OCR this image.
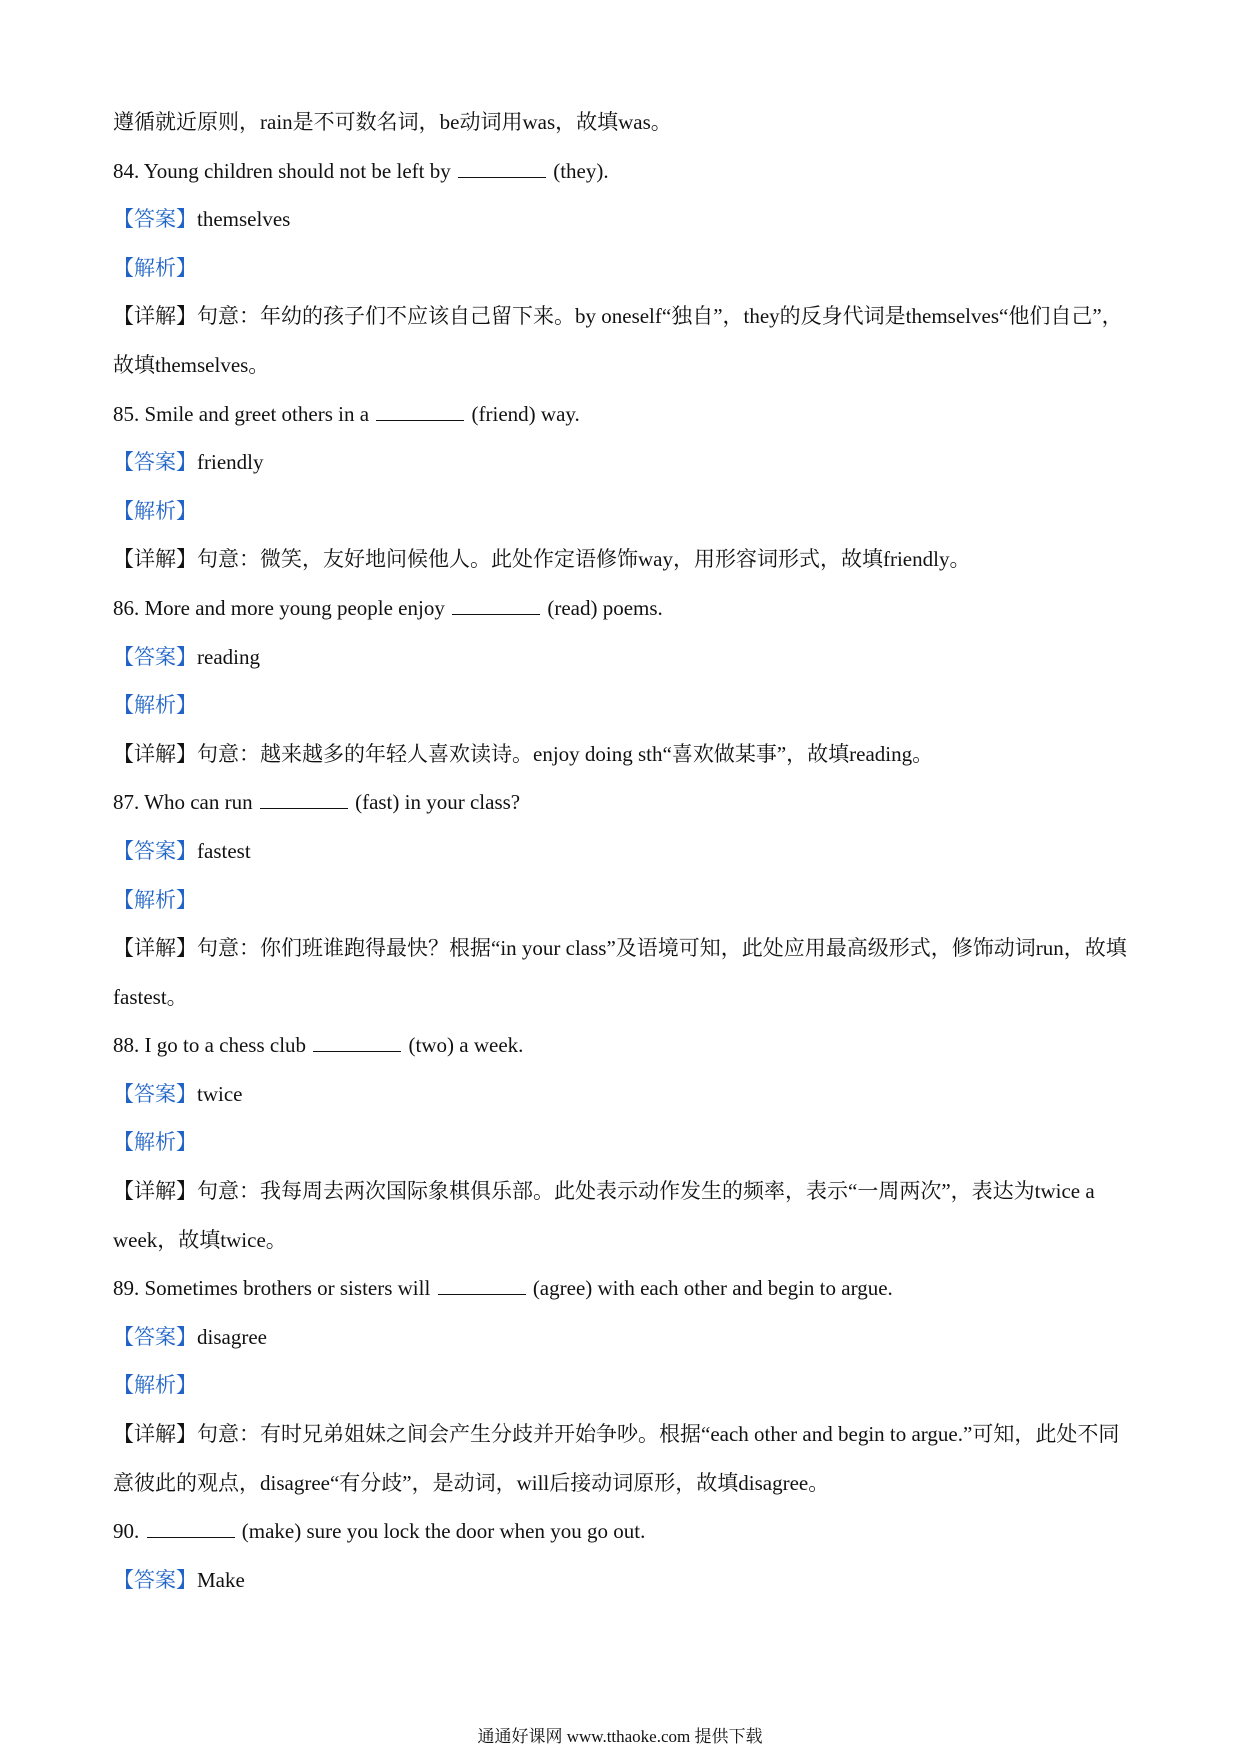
遵循就近原则，rain是不可数名词，be动词用was，故填was。
84. Young children should not be left by	(they).
【答案】themselves
【解析】
【详解】句意：年幼的孩子们不应该自己留下来。by oneself“独自”，they的反身代词是themselves“他们自己”，故填themselves。
85. Smile and greet others in a	(friend) way.
【答案】friendly
【解析】
【详解】句意：微笑，友好地问候他人。此处作定语修饰way，用形容词形式，故填friendly。
86. More and more young people enjoy	(read) poems.
【答案】reading
【解析】
【详解】句意：越来越多的年轻人喜欢读诗。enjoy doing sth“喜欢做某事”，故填reading。
87. Who can run	(fast) in your class?
【答案】fastest
【解析】
【详解】句意：你们班谁跑得最快？根据“in your class”及语境可知，此处应用最高级形式，修饰动词run，故填fastest。
88. I go to a chess club	(two) a week.
【答案】twice
【解析】
【详解】句意：我每周去两次国际象棋俱乐部。此处表示动作发生的频率，表示“一周两次”，表达为twice a week，故填twice。
89. Sometimes brothers or sisters will	(agree) with each other and begin to argue.
【答案】disagree
【解析】
【详解】句意：有时兄弟姐妹之间会产生分歧并开始争吵。根据“each other and begin to argue.”可知，此处不同意彼此的观点，disagree“有分歧”，是动词，will后接动词原形，故填disagree。
90.	(make) sure you lock the door when you go out.
【答案】Make
通通好课网 www.tthaoke.com 提供下载
